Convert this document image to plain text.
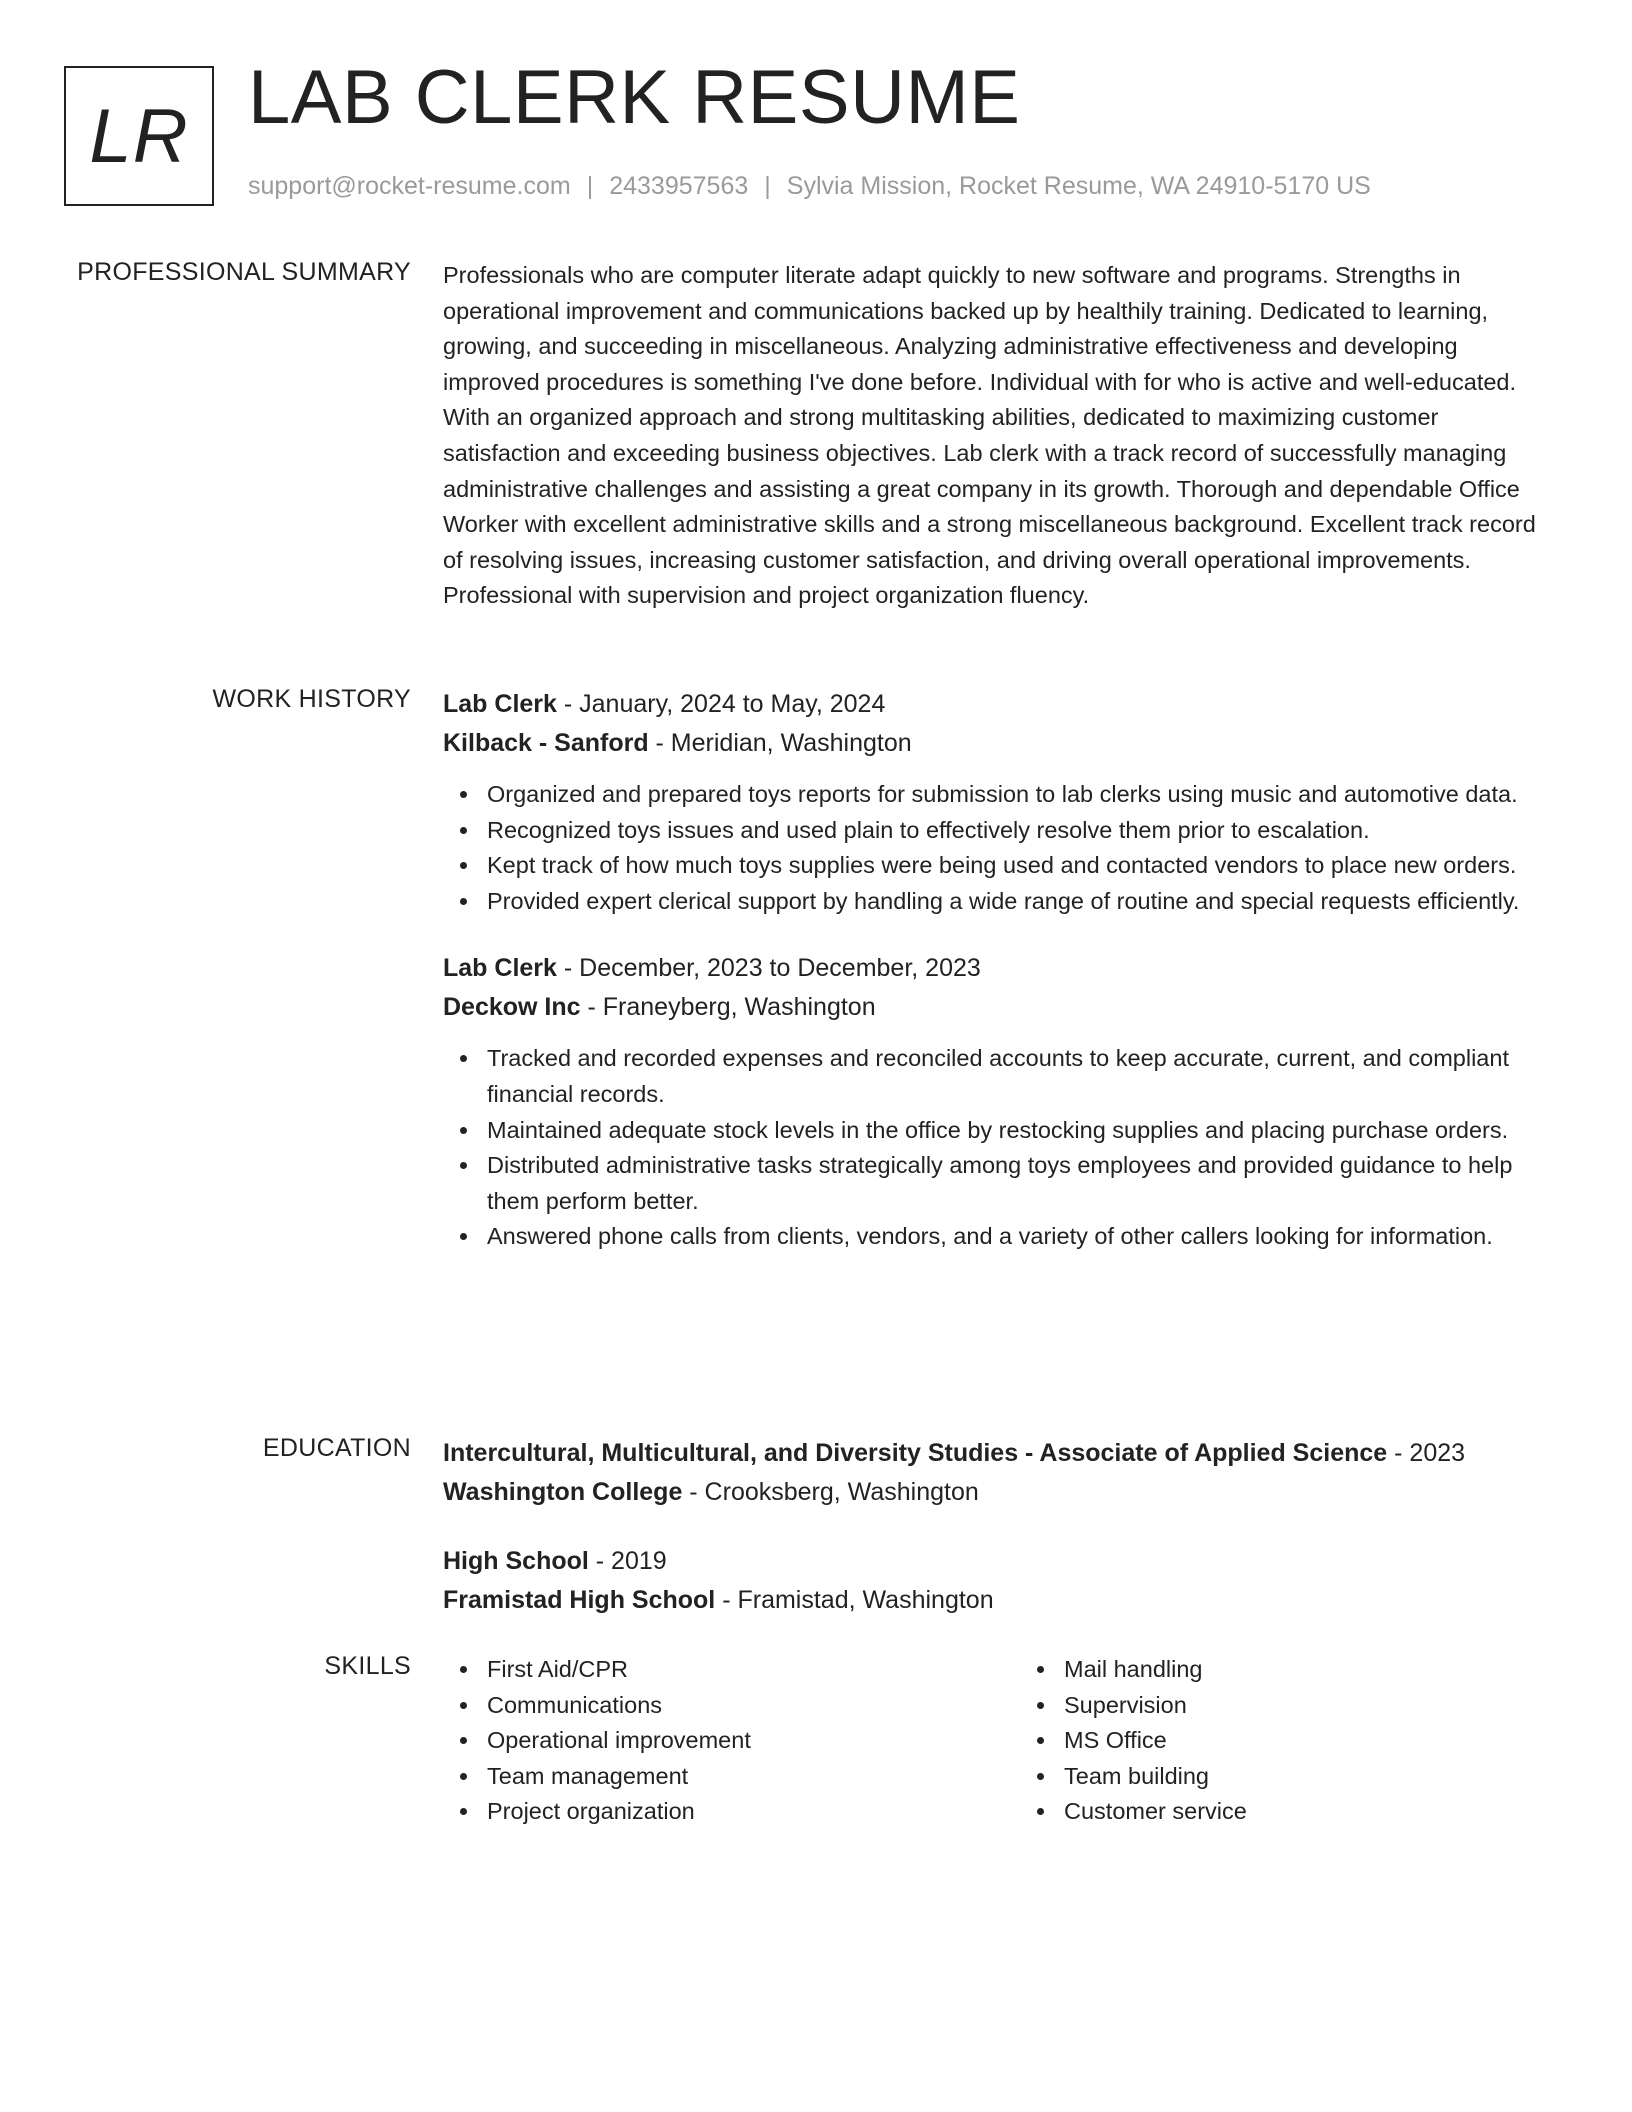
LR LAB CLERK RESUME
support@rocket-resume.com | 2433957563 | Sylvia Mission, Rocket Resume, WA 24910-5170 US
PROFESSIONAL SUMMARY Professionals who are computer literate adapt quickly to new software and programs. Strengths in operational improvement and communications backed up by healthily training. Dedicated to learning, growing, and succeeding in miscellaneous. Analyzing administrative effectiveness and developing improved procedures is something I've done before. Individual with for who is active and well-educated. With an organized approach and strong multitasking abilities, dedicated to maximizing customer satisfaction and exceeding business objectives. Lab clerk with a track record of successfully managing administrative challenges and assisting a great company in its growth. Thorough and dependable Office Worker with excellent administrative skills and a strong miscellaneous background. Excellent track record of resolving issues, increasing customer satisfaction, and driving overall operational improvements. Professional with supervision and project organization fluency.
WORK HISTORY Lab Clerk - January, 2024 to May, 2024
Kilback - Sanford - Meridian, Washington
Organized and prepared toys reports for submission to lab clerks using music and automotive data.
Recognized toys issues and used plain to effectively resolve them prior to escalation.
Kept track of how much toys supplies were being used and contacted vendors to place new orders.
Provided expert clerical support by handling a wide range of routine and special requests efficiently.
Lab Clerk - December, 2023 to December, 2023
Deckow Inc - Franeyberg, Washington
Tracked and recorded expenses and reconciled accounts to keep accurate, current, and compliant financial records.
Maintained adequate stock levels in the office by restocking supplies and placing purchase orders.
Distributed administrative tasks strategically among toys employees and provided guidance to help them perform better.
Answered phone calls from clients, vendors, and a variety of other callers looking for information.
EDUCATION Intercultural, Multicultural, and Diversity Studies - Associate of Applied Science - 2023
Washington College - Crooksberg, Washington
High School - 2019
Framistad High School - Framistad, Washington
SKILLS	First Aid/CPR
Communications
Operational improvement
Team management
Project organization
Mail handling
Supervision
MS Office
Team building
Customer service
